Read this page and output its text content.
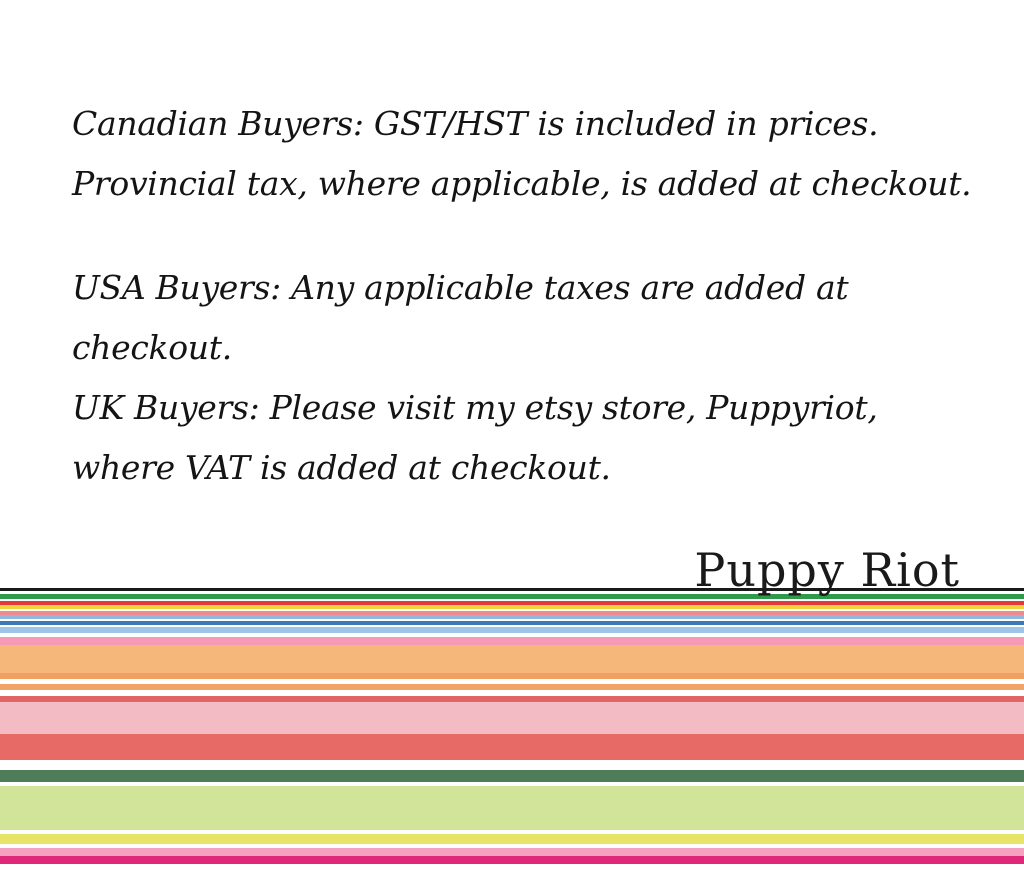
Canadian Buyers: GST/HST is included in prices. Provincial tax, where applicable, is added at checkout.

USA Buyers: Any applicable taxes are added at checkout.

UK Buyers: Please visit my etsy store, Puppyriot, where VAT is added at checkout.

Puppy Riot
